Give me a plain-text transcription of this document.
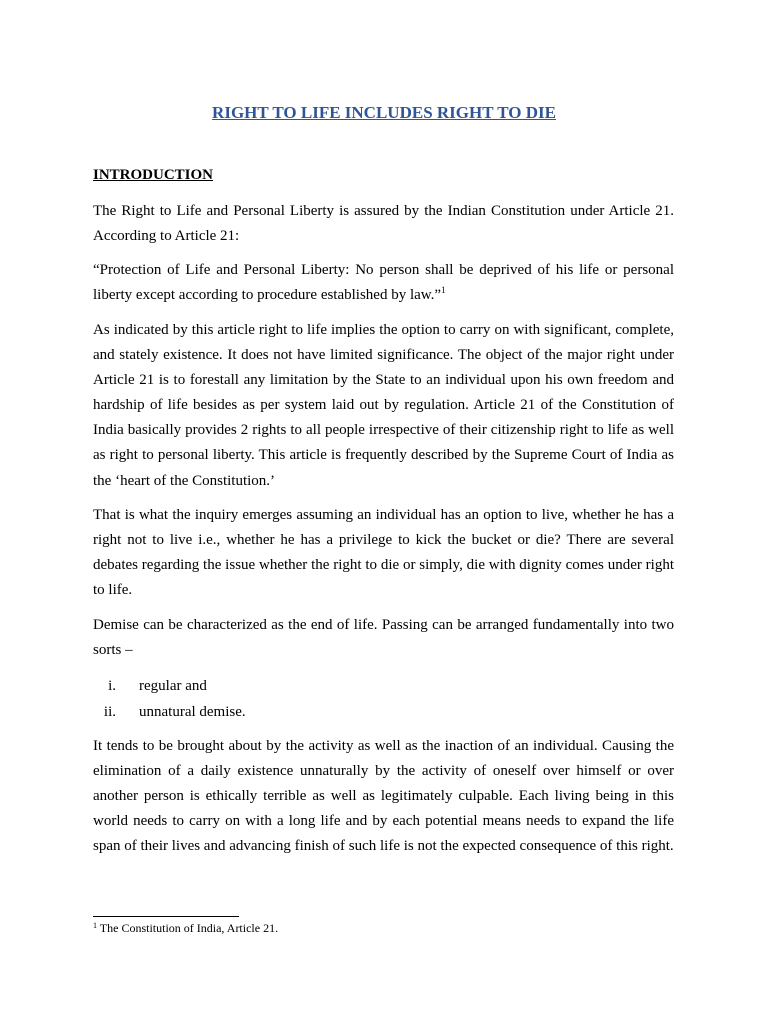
RIGHT TO LIFE INCLUDES RIGHT TO DIE
INTRODUCTION

The Right to Life and Personal Liberty is assured by the Indian Constitution under Article 21. According to Article 21:

“Protection of Life and Personal Liberty: No person shall be deprived of his life or personal liberty except according to procedure established by law.”$^1$

As indicated by this article right to life implies the option to carry on with significant, complete, and stately existence. It does not have limited significance. The object of the major right under Article 21 is to forestall any limitation by the State to an individual upon his own freedom and hardship of life besides as per system laid out by regulation. Article 21 of the Constitution of India basically provides 2 rights to all people irrespective of their citizenship right to life as well as right to personal liberty. This article is frequently described by the Supreme Court of India as the ‘heart of the Constitution.’

That is what the inquiry emerges assuming an individual has an option to live, whether he has a right not to live i.e., whether he has a privilege to kick the bucket or die? There are several debates regarding the issue whether the right to die or simply, die with dignity comes under right to life.

Demise can be characterized as the end of life. Passing can be arranged fundamentally into two sorts –

i. regular and
ii. unnatural demise.

It tends to be brought about by the activity as well as the inaction of an individual. Causing the elimination of a daily existence unnaturally by the activity of oneself over himself or over another person is ethically terrible as well as legitimately culpable. Each living being in this world needs to carry on with a long life and by each potential means needs to expand the life span of their lives and advancing finish of such life is not the expected consequence of this right.

$^1$ The Constitution of India, Article 21.
